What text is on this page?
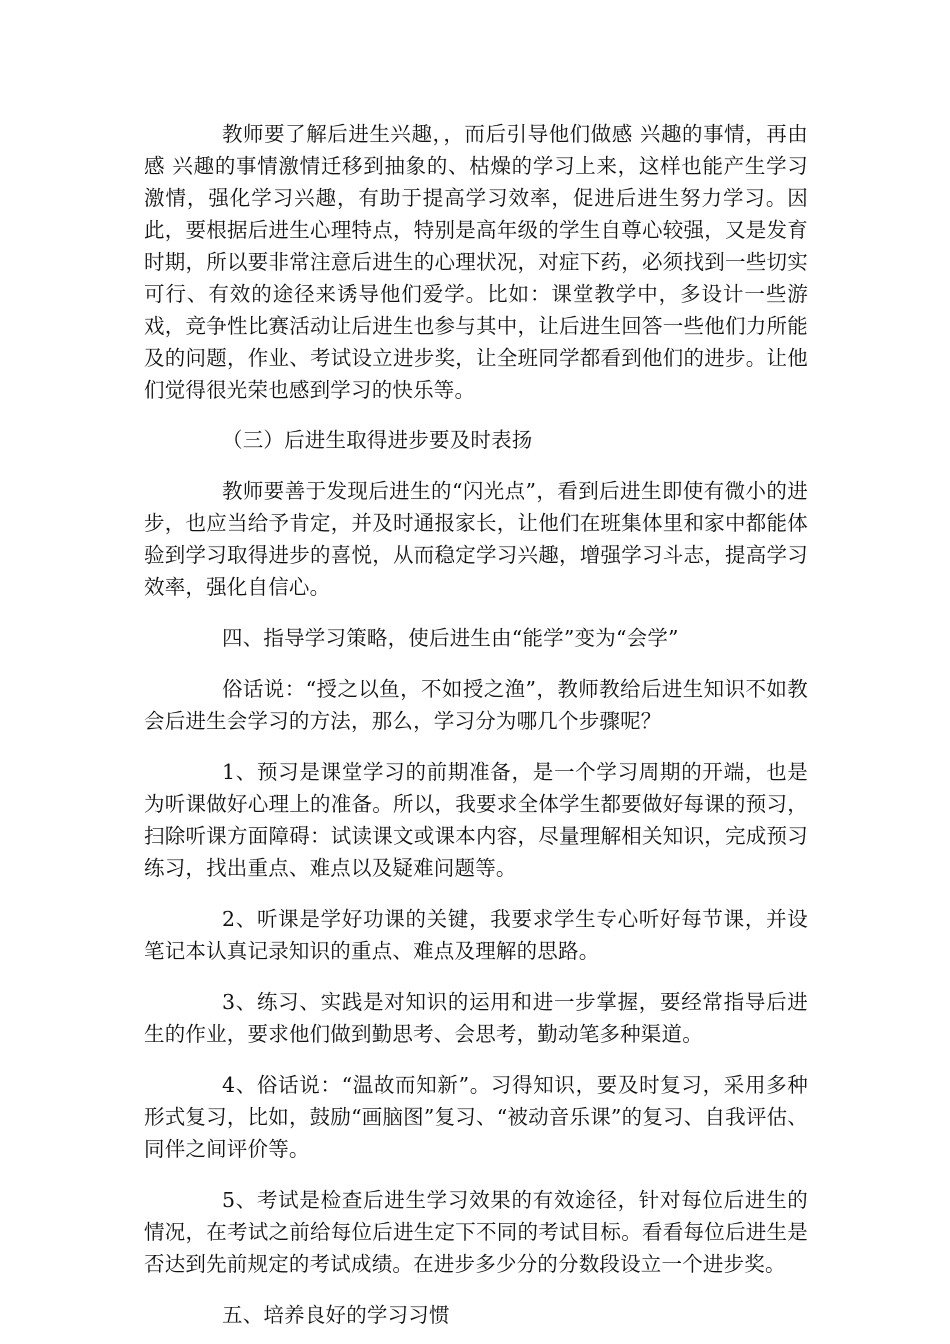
教师要了解后进生兴趣，，而后引导他们做感 兴趣的事情，再由感 兴趣的事情激情迁移到抽象的、枯燥的学习上来，这样也能产生学习激情，强化学习兴趣，有助于提高学习效率，促进后进生努力学习。因此，要根据后进生心理特点，特别是高年级的学生自尊心较强，又是发育时期，所以要非常注意后进生的心理状况，对症下药，必须找到一些切实可行、有效的途径来诱导他们爱学。比如：课堂教学中，多设计一些游戏，竞争性比赛活动让后进生也参与其中，让后进生回答一些他们力所能及的问题，作业、考试设立进步奖，让全班同学都看到他们的进步。让他们觉得很光荣也感到学习的快乐等。

（三）后进生取得进步要及时表扬

教师要善于发现后进生的“闪光点”，看到后进生即使有微小的进步，也应当给予肯定，并及时通报家长，让他们在班集体里和家中都能体验到学习取得进步的喜悦，从而稳定学习兴趣，增强学习斗志，提高学习效率，强化自信心。

四、指导学习策略，使后进生由“能学”变为“会学”

俗话说：“授之以鱼，不如授之渔”，教师教给后进生知识不如教会后进生会学习的方法，那么，学习分为哪几个步骤呢？

1、预习是课堂学习的前期准备，是一个学习周期的开端，也是为听课做好心理上的准备。所以，我要求全体学生都要做好每课的预习，扫除听课方面障碍：试读课文或课本内容，尽量理解相关知识，完成预习练习，找出重点、难点以及疑难问题等。

2、听课是学好功课的关键，我要求学生专心听好每节课，并设笔记本认真记录知识的重点、难点及理解的思路。

3、练习、实践是对知识的运用和进一步掌握，要经常指导后进生的作业，要求他们做到勤思考、会思考，勤动笔多种渠道。

4、俗话说：“温故而知新”。习得知识，要及时复习，采用多种形式复习，比如，鼓励“画脑图”复习、“被动音乐课”的复习、自我评估、同伴之间评价等。

5、考试是检查后进生学习效果的有效途径，针对每位后进生的情况，在考试之前给每位后进生定下不同的考试目标。看看每位后进生是否达到先前规定的考试成绩。在进步多少分的分数段设立一个进步奖。

五、培养良好的学习习惯
